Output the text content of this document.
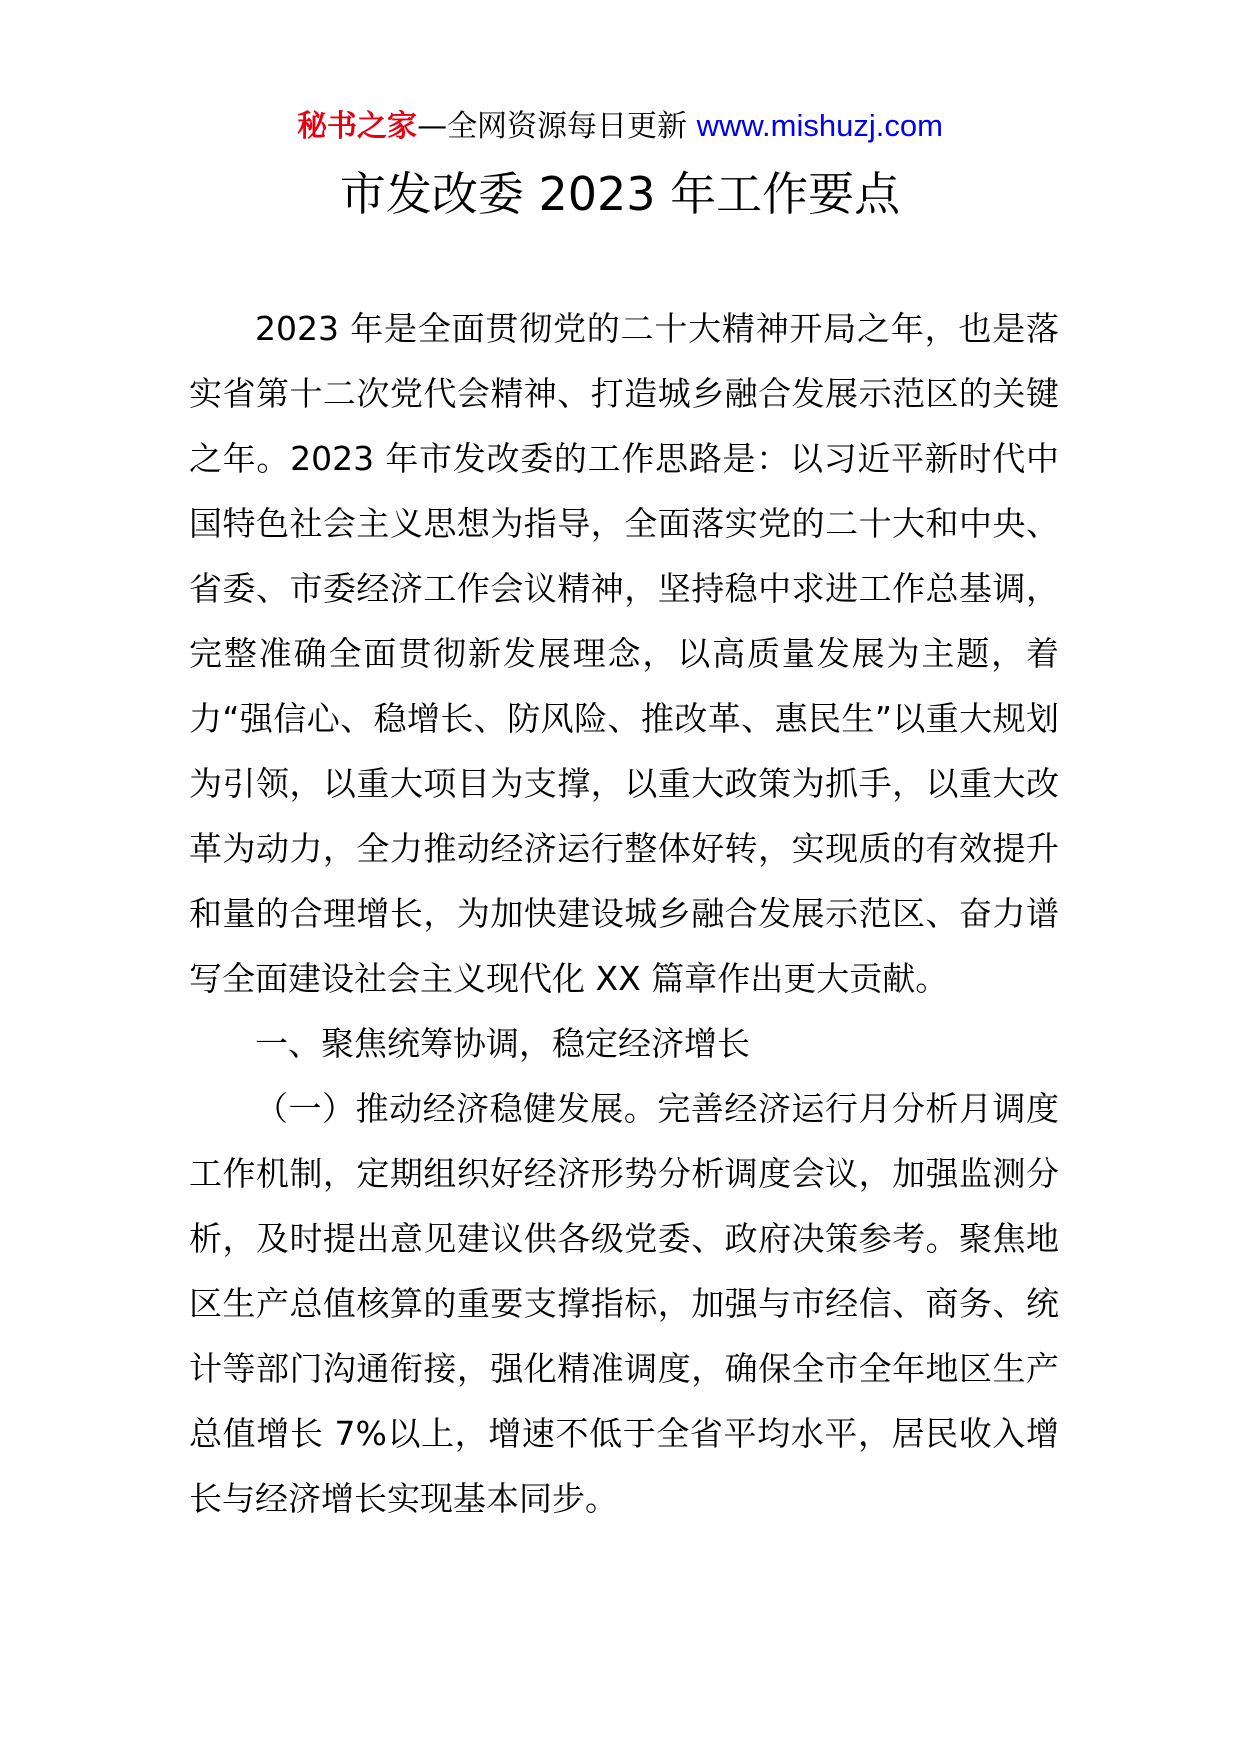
秘书之家—全网资源每日更新 www.mishuzj.com
市发改委 2023 年工作要点

2023 年是全面贯彻党的二十大精神开局之年，也是落实省第十二次党代会精神、打造城乡融合发展示范区的关键之年。2023 年市发改委的工作思路是：以习近平新时代中国特色社会主义思想为指导，全面落实党的二十大和中央、省委、市委经济工作会议精神，坚持稳中求进工作总基调，完整准确全面贯彻新发展理念，以高质量发展为主题，着力“强信心、稳增长、防风险、推改革、惠民生”以重大规划为引领，以重大项目为支撑，以重大政策为抓手，以重大改革为动力，全力推动经济运行整体好转，实现质的有效提升和量的合理增长，为加快建设城乡融合发展示范区、奋力谱写全面建设社会主义现代化 XX 篇章作出更大贡献。

一、聚焦统筹协调，稳定经济增长

（一）推动经济稳健发展。完善经济运行月分析月调度工作机制，定期组织好经济形势分析调度会议，加强监测分析，及时提出意见建议供各级党委、政府决策参考。聚焦地区生产总值核算的重要支撑指标，加强与市经信、商务、统计等部门沟通衔接，强化精准调度，确保全市全年地区生产总值增长 7%以上，增速不低于全省平均水平，居民收入增长与经济增长实现基本同步。
